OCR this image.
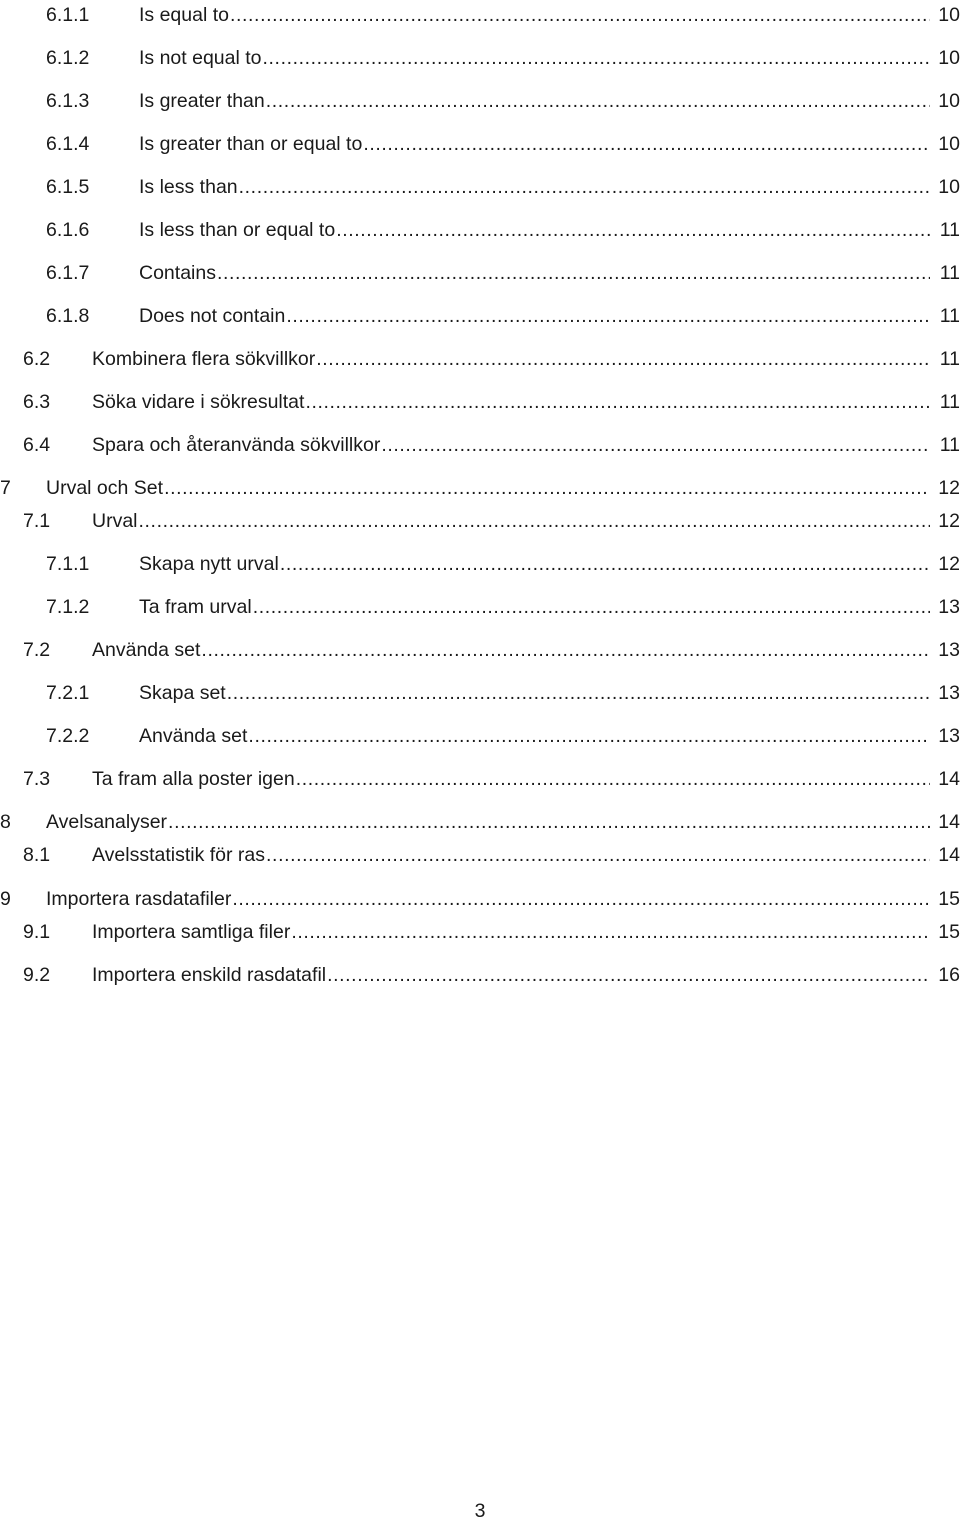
6.1.1	Is equal to .....	10
6.1.2	Is not equal to .....	10
6.1.3	Is greater than .....	10
6.1.4	Is greater than or equal to .....	10
6.1.5	Is less than .....	10
6.1.6	Is less than or equal to .....	11
6.1.7	Contains .....	11
6.1.8	Does not contain .....	11
6.2 Kombinera flera sökvillkor .....	11
6.3 Söka vidare i sökresultat .....	11
6.4 Spara och återanvända sökvillkor .....	11
7 Urval och Set .....	12
7.1 Urval .....	12
7.1.1	Skapa nytt urval .....	12
7.1.2	Ta fram urval .....	13
7.2 Använda set .....	13
7.2.1	Skapa set .....	13
7.2.2	Använda set .....	13
7.3 Ta fram alla poster igen .....	14
8 Avelsanalyser .....	14
8.1 Avelsstatistik för ras .....	14
9 Importera rasdatafiler .....	15
9.1 Importera samtliga filer .....	15
9.2 Importera enskild rasdatafil .....	16
3
